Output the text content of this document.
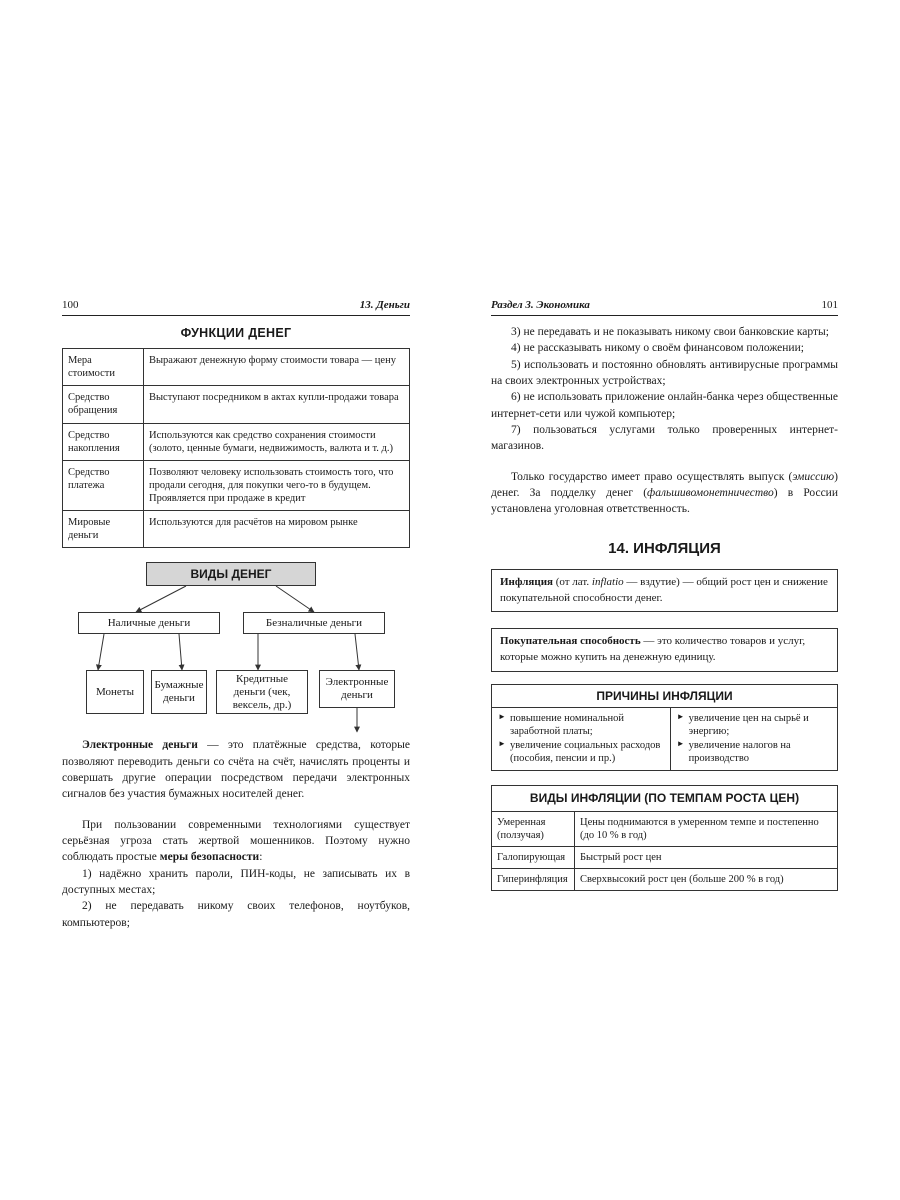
100	13. Деньги
ФУНКЦИИ ДЕНЕГ
Мера стоимости	Выражают денежную форму стоимости товара — цену
Средство обращения	Выступают посредником в актах купли-продажи товара
Средство накопления	Используются как средство сохранения стоимости (золото, ценные бумаги, недвижимость, валюта и т. д.)
Средство платежа	Позволяют человеку использовать стоимость того, что продали сегодня, для покупки чего-то в будущем. Проявляется при продаже в кредит
Мировые деньги	Используются для расчётов на мировом рынке
ВИДЫ ДЕНЕГ
Наличные деньги	Безналичные деньги
Монеты
Бумажные деньги
Кредитные деньги (чек, вексель, др.)
Электронные деньги

Электронные деньги — это платёжные средства, которые позволяют переводить деньги со счёта на счёт, начислять проценты и совершать другие операции посредством передачи электронных сигналов без участия бумажных носителей денег.

При пользовании современными технологиями существует серьёзная угроза стать жертвой мошенников. Поэтому нужно соблюдать простые меры безопасности:

1) надёжно хранить пароли, ПИН-коды, не записывать их в доступных местах;

2) не передавать никому своих телефонов, ноутбуков, компьютеров;

Раздел 3. Экономика	101

3) не передавать и не показывать никому свои банковские карты;

4) не рассказывать никому о своём финансовом положении;

5) использовать и постоянно обновлять антивирусные программы на своих электронных устройствах;

6) не использовать приложение онлайн-банка через общественные интернет-сети или чужой компьютер;

7) пользоваться услугами только проверенных интернет-магазинов.

Только государство имеет право осуществлять выпуск (эмиссию) денег. За подделку денег (фальшивомонетничество) в России установлена уголовная ответственность.

14. ИНФЛЯЦИЯ
Инфляция (от лат. inflatio — вздутие) — общий рост цен и снижение покупательной способности денег.
Покупательная способность — это количество товаров и услуг, которые можно купить на денежную единицу.
ПРИЧИНЫ ИНФЛЯЦИИ
► повышение номинальной заработной платы;
► увеличение социальных расходов (пособия, пенсии и пр.)
► увеличение цен на сырьё и энергию;
► увеличение налогов на производство
ВИДЫ ИНФЛЯЦИИ (ПО ТЕМПАМ РОСТА ЦЕН)	
Умеренная (ползучая)	Цены поднимаются в умеренном темпе и постепенно (до 10 % в год)
Галопирующая	Быстрый рост цен
Гиперинфляция	Сверхвысокий рост цен (больше 200 % в год)
